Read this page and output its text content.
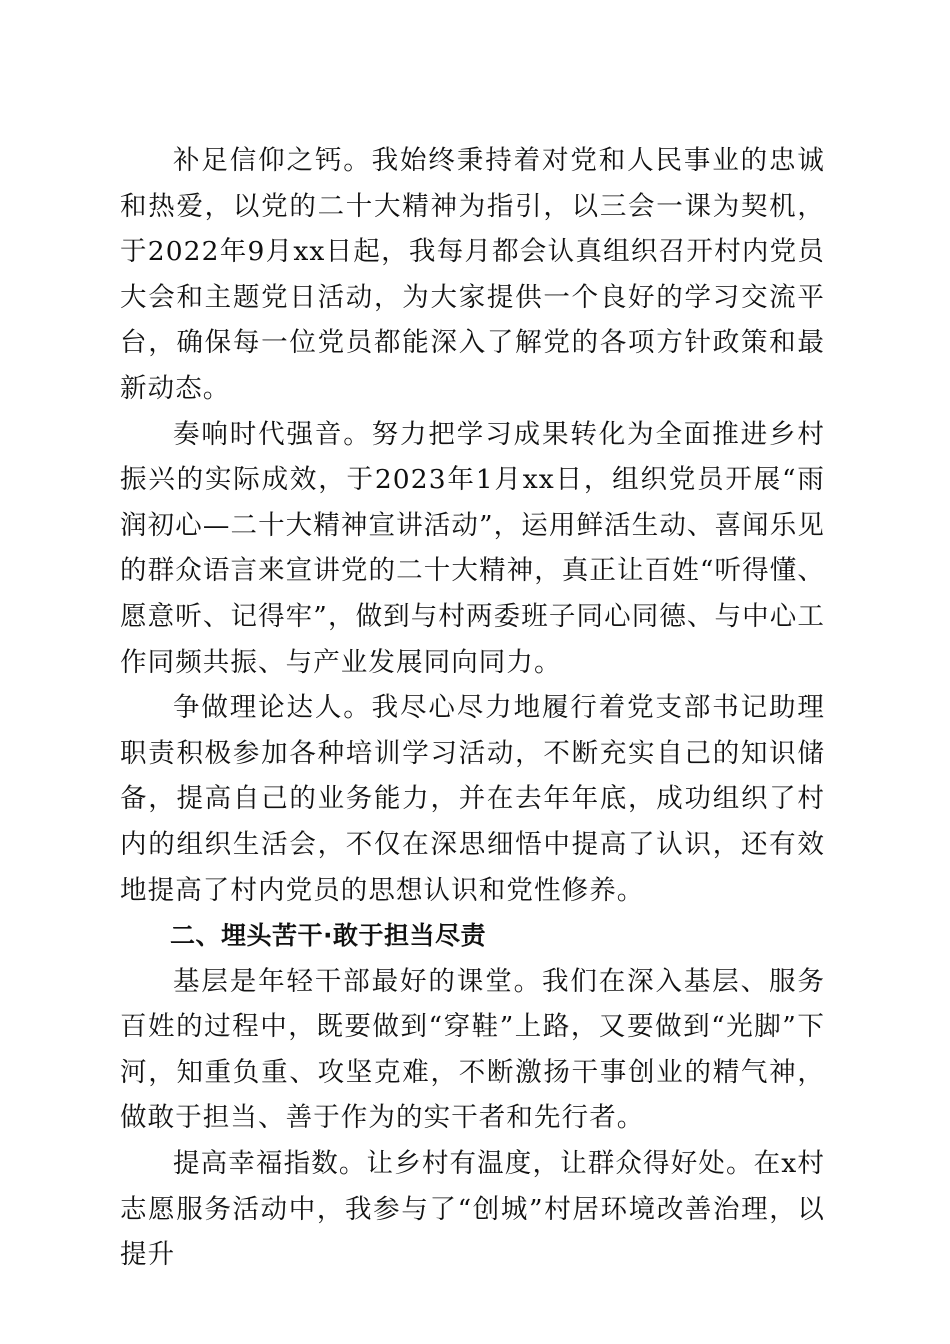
补足信仰之钙。我始终秉持着对党和人民事业的忠诚和热爱，以党的二十大精神为指引，以三会一课为契机，于2022年9月xx日起，我每月都会认真组织召开村内党员大会和主题党日活动，为大家提供一个良好的学习交流平台，确保每一位党员都能深入了解党的各项方针政策和最新动态。

奏响时代强音。努力把学习成果转化为全面推进乡村振兴的实际成效，于2023年1月xx日，组织党员开展“雨润初心—二十大精神宣讲活动”，运用鲜活生动、喜闻乐见的群众语言来宣讲党的二十大精神，真正让百姓“听得懂、愿意听、记得牢”，做到与村两委班子同心同德、与中心工作同频共振、与产业发展同向同力。

争做理论达人。我尽心尽力地履行着党支部书记助理职责积极参加各种培训学习活动，不断充实自己的知识储备，提高自己的业务能力，并在去年年底，成功组织了村内的组织生活会，不仅在深思细悟中提高了认识，还有效地提高了村内党员的思想认识和党性修养。

二、埋头苦干·敢于担当尽责

基层是年轻干部最好的课堂。我们在深入基层、服务百姓的过程中，既要做到“穿鞋”上路，又要做到“光脚”下河，知重负重、攻坚克难，不断激扬干事创业的精气神，做敢于担当、善于作为的实干者和先行者。

提高幸福指数。让乡村有温度，让群众得好处。在x村志愿服务活动中，我参与了“创城”村居环境改善治理，以提升
